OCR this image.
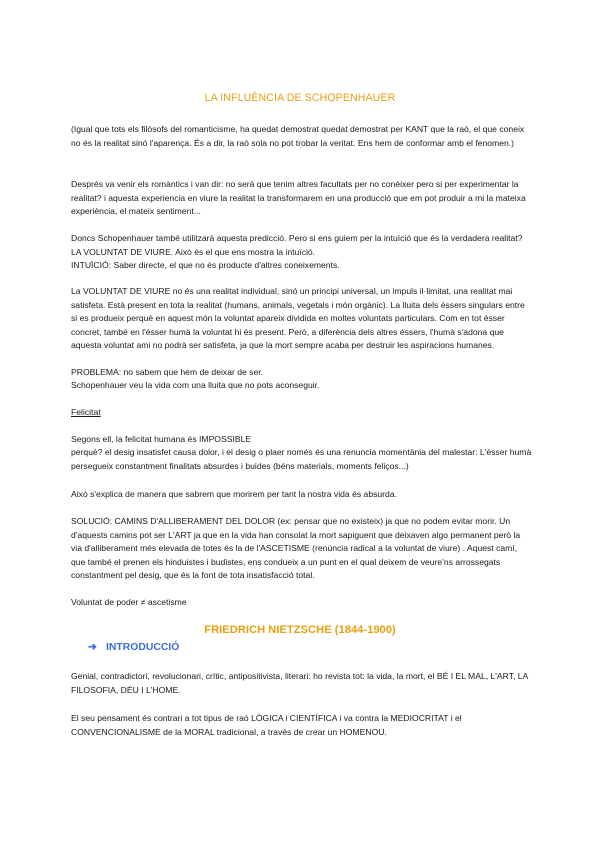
LA INFLUÈNCIA DE SCHOPENHAUER

(Igual que tots els filòsofs del romanticisme, ha quedat demostrat quedat demostrat per KANT que la raó, el que coneix no és la realitat sinó l'aparença. És a dir, la raó sola no pot trobar la veritat. Ens hem de conformar amb el fenomen.)

Després va venir els romàntics i van dir: no serà que tenim altres facultats per no conèixer pero si per experimentar la realitat? i aquesta experiencia en viure la realitat la transformarem en una producció que em pot produir a mi la mateixa experiència, el mateix sentiment...

Doncs Schopenhauer també utilitzarà aquesta predicció. Pero si ens guiem per la intuïció que és la verdadera realitat? LA VOLUNTAT DE VIURE. Això és el que ens mostra la intuïció.

INTUÏCIÓ: Saber directe, el que no és producte d'altres coneixements.

La VOLUNTAT DE VIURE no és una realitat individual, sinó un principi universal, un impuls il·limitat, una realitat mai satisfeta. Està present en tota la realitat (humans, animals, vegetals i món orgànic). La lluita dels éssers singulars entre si es produeix perquè en aquest món la voluntat apareix dividida en moltes voluntats particulars. Com en tot ésser concret, també en l'ésser humà la voluntat hi és present. Però, a diferència dels altres éssers, l'humà s'adona que aquesta voluntat ami no podrà ser satisfeta, ja que la mort sempre acaba per destruir les aspiracions humanes.

PROBLEMA: no sabem que hem de deixar de ser.
Schopenhauer veu la vida com una lluita que no pots aconseguir.
Felicitat
Segons ell, la felicitat humana és IMPOSSIBLE

perquè? el desig insatisfet causa dolor, i el desig o plaer només és una renuncia momentània del malestar: L'ésser humà persegueix constantment finalitats absurdes i buides (béns materials, moments feliços...)

Això s'explica de manera que sabrem que morirem per tant la nostra vida és absurda.

SOLUCIÓ: CAMINS D'ALLIBERAMENT DEL DOLOR (ex: pensar que no existeix) ja que no podem evitar morir. Un d'aquests camins pot ser L'ART ja que en la vida han consolat la mort sapiguent que deixaven algo permanent però la via d'alliberament més elevada de totes és la de l'ASCETISME (renúncia radical a la voluntat de viure) . Aquest camí, que també el prenen els hinduistes i budistes, ens condueix a un punt en el qual deixem de veure'ns arrossegats constantment pel desig, que és la font de tota insatisfacció total.

Voluntat de poder ≠ ascetisme
FRIEDRICH NIETZSCHE (1844-1900)
➔ INTRODUCCIÓ

Genial, contradictori, revolucionari, crític, antipositivista, literari: ho revista tot: la vida, la mort, el BÉ I EL MAL, L'ART, LA FILOSOFIA, DÉU I L'HOME.

El seu pensament és contrari a tot tipus de raó LÒGICA i CIENTÍFICA i va contra la MEDIOCRITAT i el CONVENCIONALISME de la MORAL tradicional, a través de crear un HOMENOU.
